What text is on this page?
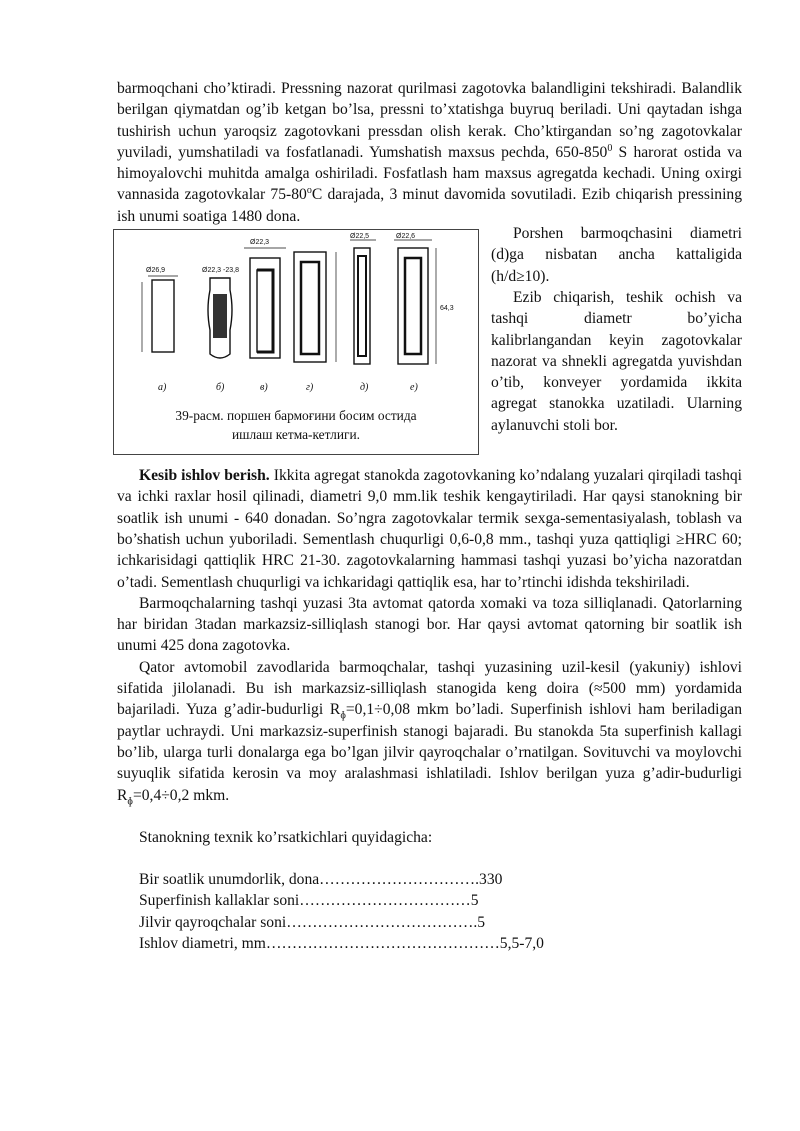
barmoqchani cho’ktiradi. Pressning nazorat qurilmasi zagotovka balandligini tekshiradi. Balandlik berilgan qiymatdan og’ib ketgan bo’lsa, pressni to’xtatishga buyruq beriladi. Uni qaytadan ishga tushirish uchun yaroqsiz zagotovkani pressdan olish kerak. Cho’ktirgandan so’ng zagotovkalar yuviladi, yumshatiladi va fosfatlanadi. Yumshatish maxsus pechda, $650-850^0$ S harorat ostida va himoyalovchi muhitda amalga oshiriladi. Fosfatlash ham maxsus agregatda kechadi. Uning oxirgi vannasida zagotovkalar 75-80$^o$C darajada, 3 minut davomida sovutiladi. Ezib chiqarish pressining ish unumi soatiga 1480 dona.

Ø26,9	Ø22,3 -23,8
Ø22,3
Ø22,5	Ø22,6
64,3
a)	б)	в)	г)	д)	е)
39-расм. поршен бармоғини босим остида
ишлаш кетма-кетлиги.

Porshen barmoqchasini diametri (d)ga nisbatan ancha kattaligida (h/d≥10).

Ezib chiqarish, teshik ochish va tashqi diametr bo’yicha kalibrlangandan keyin zagotovkalar nazorat va shnekli agregatda yuvishdan o’tib, konveyer yordamida ikkita agregat stanokka uzatiladi. Ularning aylanuvchi stoli bor.

Kesib ishlov berish. Ikkita agregat stanokda zagotovkaning ko’ndalang yuzalari qirqiladi tashqi va ichki raxlar hosil qilinadi, diametri 9,0 mm.lik teshik kengaytiriladi. Har qaysi stanokning bir soatlik ish unumi - 640 donadan. So’ngra zagotovkalar termik sexga-sementasiyalash, toblash va bo’shatish uchun yuboriladi. Sementlash chuqurligi 0,6-0,8 mm., tashqi yuza qattiqligi ≥HRC 60; ichkarisidagi qattiqlik HRC 21-30. zagotovkalarning hammasi tashqi yuzasi bo’yicha nazoratdan o’tadi. Sementlash chuqurligi va ichkaridagi qattiqlik esa, har to’rtinchi idishda tekshiriladi.

Barmoqchalarning tashqi yuzasi 3ta avtomat qatorda xomaki va toza silliqlanadi. Qatorlarning har biridan 3tadan markazsiz-silliqlash stanogi bor. Har qaysi avtomat qatorning bir soatlik ish unumi 425 dona zagotovka.

Qator avtomobil zavodlarida barmoqchalar, tashqi yuzasining uzil-kesil (yakuniy) ishlovi sifatida jilolanadi. Bu ish markazsiz-silliqlash stanogida keng doira (≈500 mm) yordamida bajariladi. Yuza g’adir-budurligi $R_ɸ=0,1\div 0,08$ mkm bo’ladi. Superfinish ishlovi ham beriladigan paytlar uchraydi. Uni markazsiz-superfinish stanogi bajaradi. Bu stanokda 5ta superfinish kallagi bo’lib, ularga turli donalarga ega bo’lgan jilvir qayroqchalar o’rnatilgan. Sovituvchi va moylovchi suyuqlik sifatida kerosin va moy aralashmasi ishlatiladi. Ishlov berilgan yuza g’adir-budurligi $R_ɸ=0,4\div 0,2$ mkm.

Stanokning texnik ko’rsatkichlari quyidagicha:

Bir soatlik unumdorlik, dona………………………….330

Superfinish kallaklar soni……………………………5

Jilvir qayroqchalar soni……………………………….5

Ishlov diametri, mm………………………………………5,5-7,0
